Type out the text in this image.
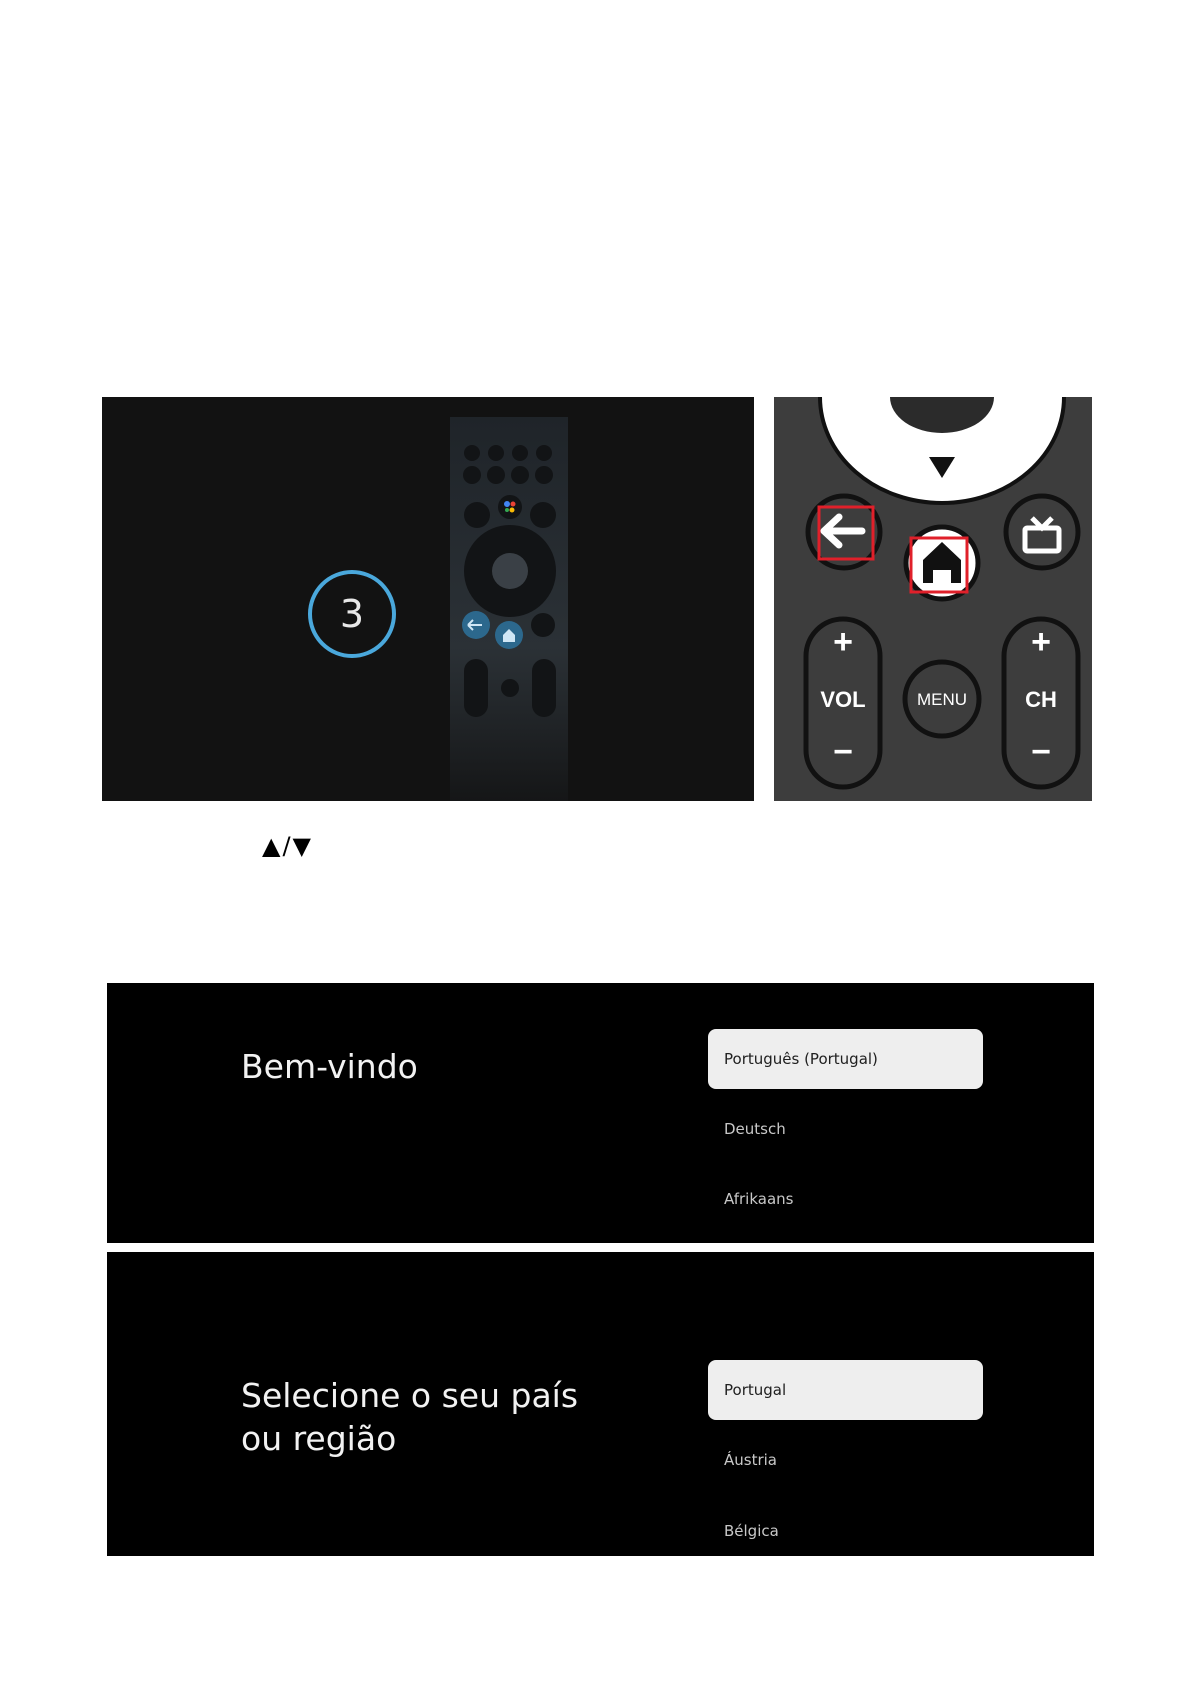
3
+
VOL
−
+
CH
−
MENU
▲/▼
Bem-vindo	Português (Portugal)
Deutsch
Afrikaans
Selecione o seu país ou região
Portugal
Áustria
Bélgica
